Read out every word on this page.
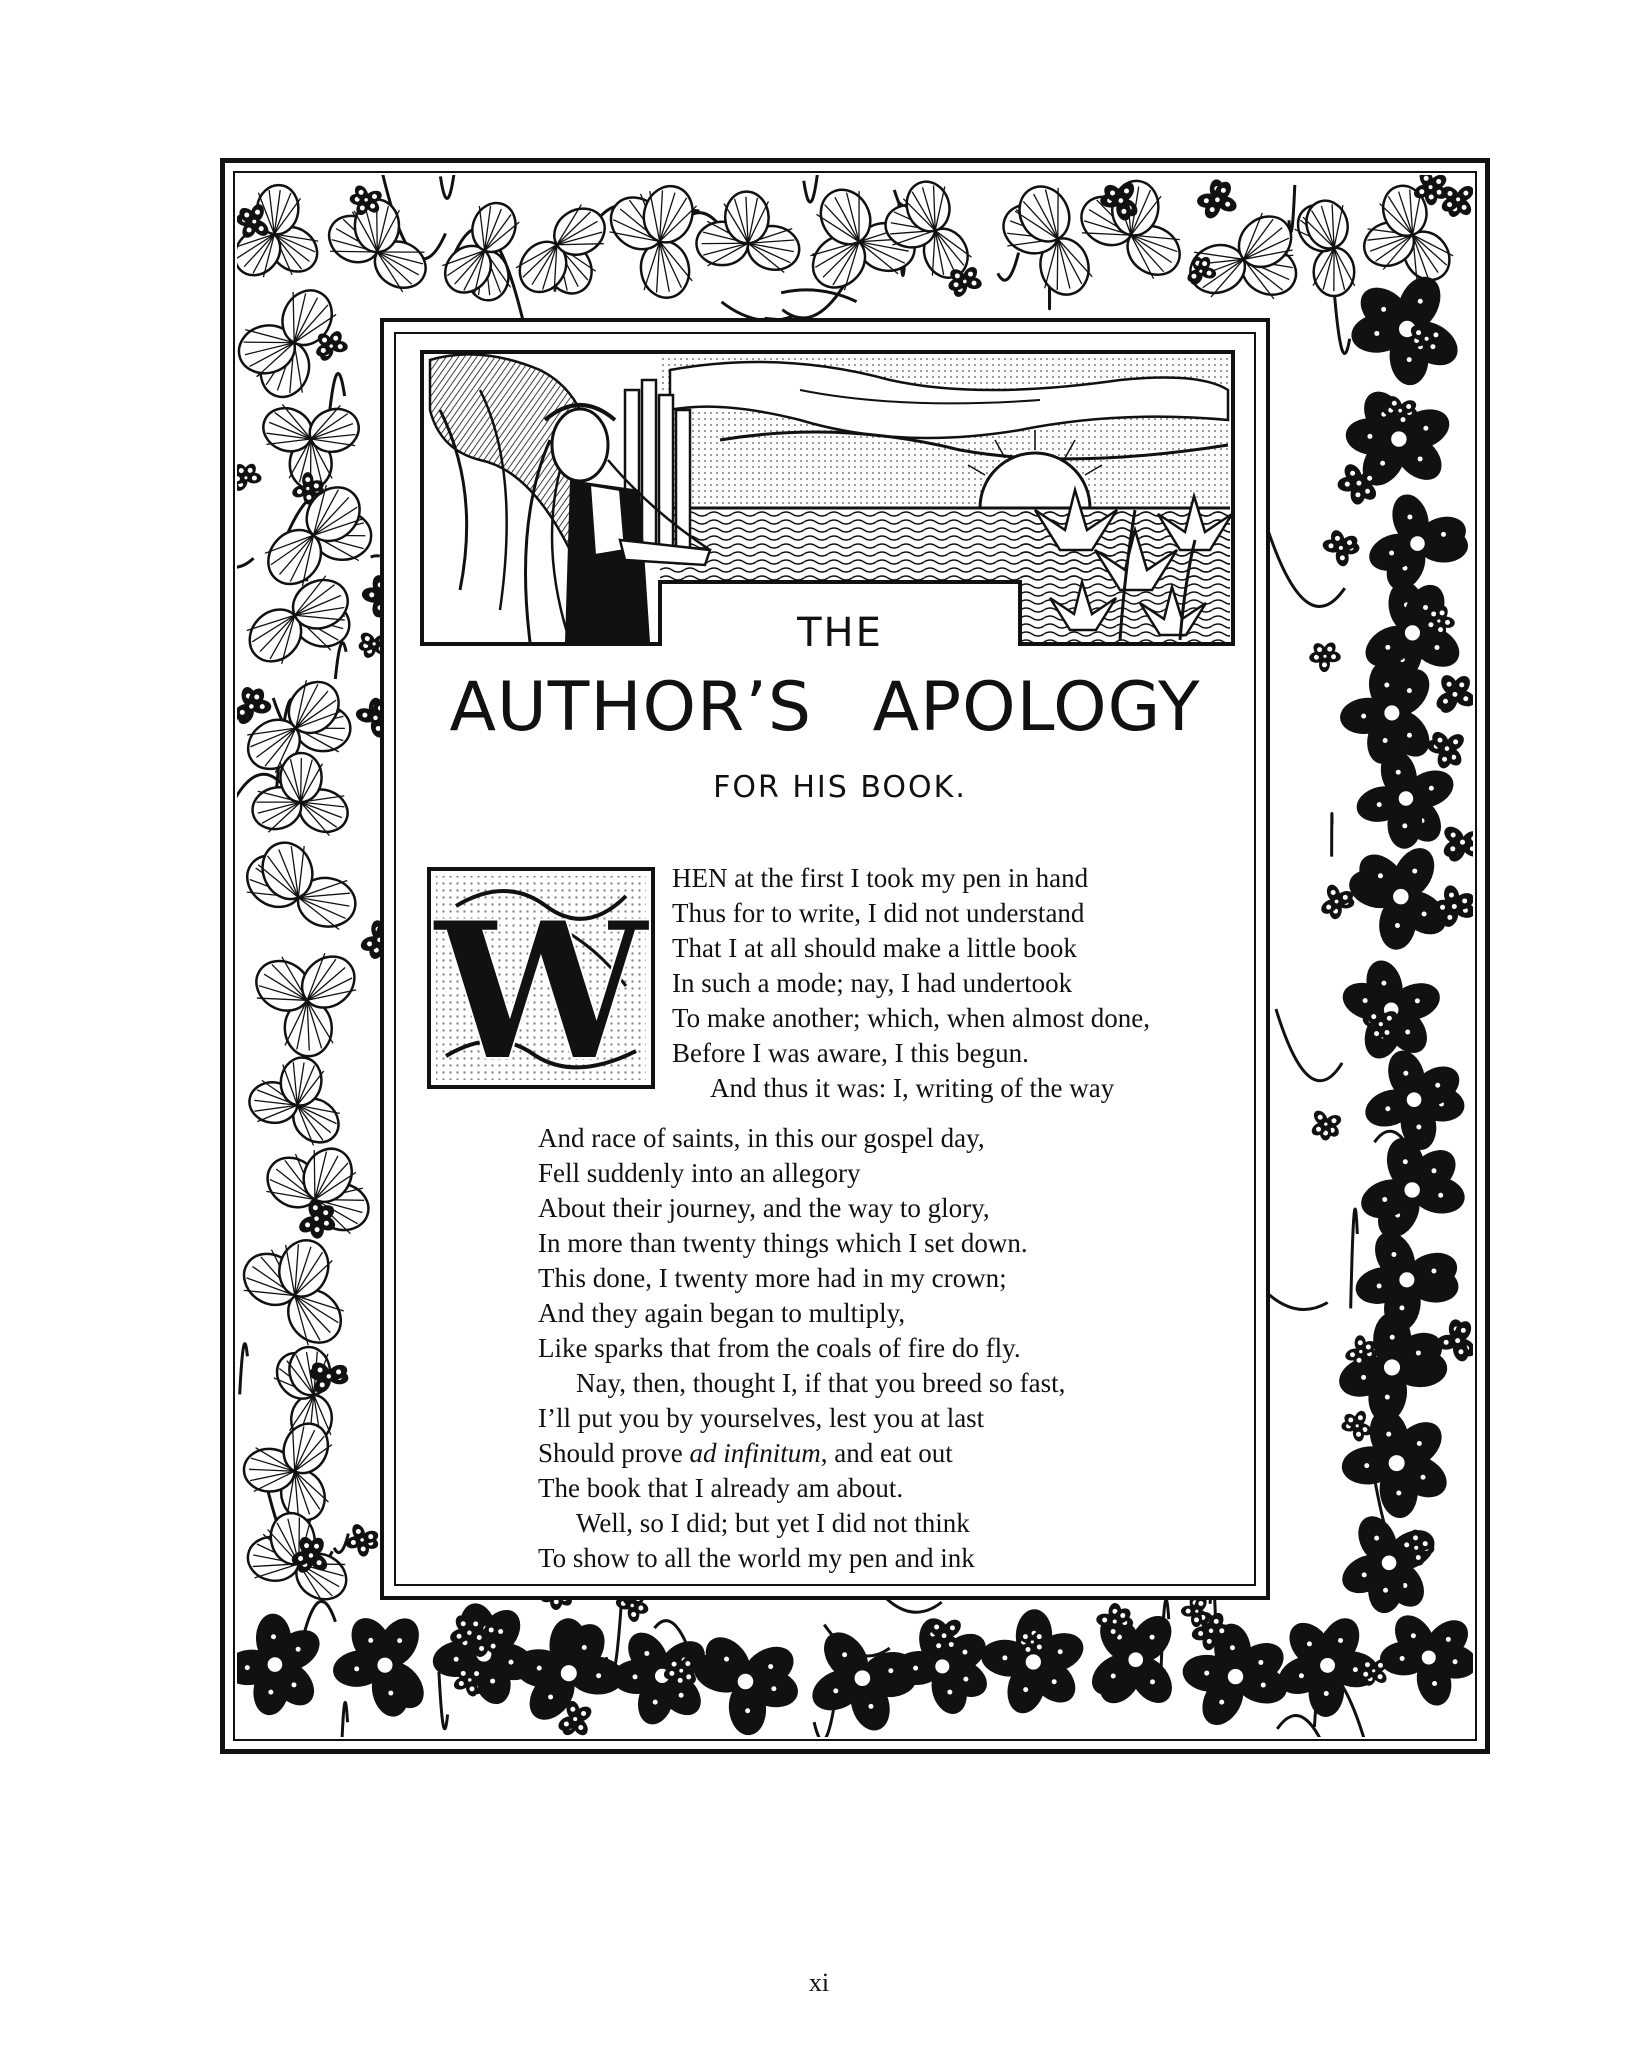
THE
AUTHOR’S APOLOGY
FOR HIS BOOK.
W
HEN at the first I took my pen in hand
Thus for to write, I did not understand
That I at all should make a little book
In such a mode; nay, I had undertook
To make another; which, when almost done,
Before I was aware, I this begun.
And thus it was: I, writing of the way
And race of saints, in this our gospel day,
Fell suddenly into an allegory
About their journey, and the way to glory,
In more than twenty things which I set down.
This done, I twenty more had in my crown;
And they again began to multiply,
Like sparks that from the coals of fire do fly.
Nay, then, thought I, if that you breed so fast,
I’ll put you by yourselves, lest you at last
Should prove ad infinitum, and eat out
The book that I already am about.
Well, so I did; but yet I did not think
To show to all the world my pen and ink
xi
